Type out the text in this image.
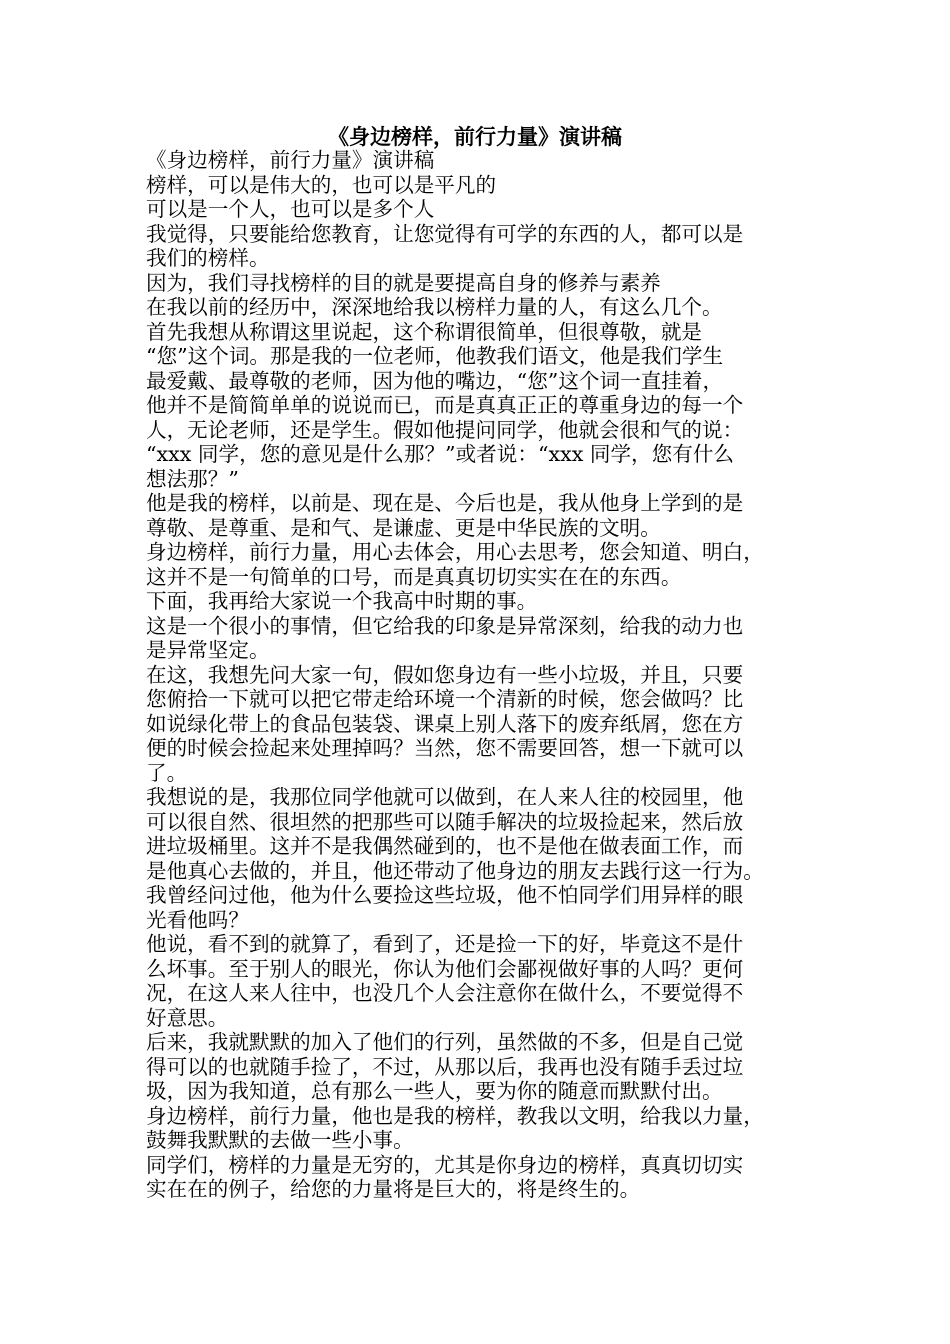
《身边榜样，前行力量》演讲稿
《身边榜样，前行力量》演讲稿
榜样，可以是伟大的，也可以是平凡的
可以是一个人，也可以是多个人
我觉得，只要能给您教育，让您觉得有可学的东西的人，都可以是
我们的榜样。
因为，我们寻找榜样的目的就是要提高自身的修养与素养
在我以前的经历中，深深地给我以榜样力量的人，有这么几个。
首先我想从称谓这里说起，这个称谓很简单，但很尊敬，就是
“您”这个词。那是我的一位老师，他教我们语文，他是我们学生
最爱戴、最尊敬的老师，因为他的嘴边，“您”这个词一直挂着，
他并不是简简单单的说说而已，而是真真正正的尊重身边的每一个
人，无论老师，还是学生。假如他提问同学，他就会很和气的说：
“xxx 同学，您的意见是什么那？”或者说：“xxx 同学，您有什么
想法那？”
他是我的榜样，以前是、现在是、今后也是，我从他身上学到的是
尊敬、是尊重、是和气、是谦虚、更是中华民族的文明。
身边榜样，前行力量，用心去体会，用心去思考，您会知道、明白，
这并不是一句简单的口号，而是真真切切实实在在的东西。
下面，我再给大家说一个我高中时期的事。
这是一个很小的事情，但它给我的印象是异常深刻，给我的动力也
是异常坚定。
在这，我想先问大家一句，假如您身边有一些小垃圾，并且，只要
您俯拾一下就可以把它带走给环境一个清新的时候，您会做吗？比
如说绿化带上的食品包装袋、课桌上别人落下的废弃纸屑，您在方
便的时候会捡起来处理掉吗？当然，您不需要回答，想一下就可以
了。
我想说的是，我那位同学他就可以做到，在人来人往的校园里，他
可以很自然、很坦然的把那些可以随手解决的垃圾捡起来，然后放
进垃圾桶里。这并不是我偶然碰到的，也不是他在做表面工作，而
是他真心去做的，并且，他还带动了他身边的朋友去践行这一行为。
我曾经问过他，他为什么要捡这些垃圾，他不怕同学们用异样的眼
光看他吗？
他说，看不到的就算了，看到了，还是捡一下的好，毕竟这不是什
么坏事。至于别人的眼光，你认为他们会鄙视做好事的人吗？更何
况，在这人来人往中，也没几个人会注意你在做什么，不要觉得不
好意思。
后来，我就默默的加入了他们的行列，虽然做的不多，但是自己觉
得可以的也就随手捡了，不过，从那以后，我再也没有随手丢过垃
圾，因为我知道，总有那么一些人，要为你的随意而默默付出。
身边榜样，前行力量，他也是我的榜样，教我以文明，给我以力量，
鼓舞我默默的去做一些小事。
同学们，榜样的力量是无穷的，尤其是你身边的榜样，真真切切实
实在在的例子，给您的力量将是巨大的，将是终生的。
